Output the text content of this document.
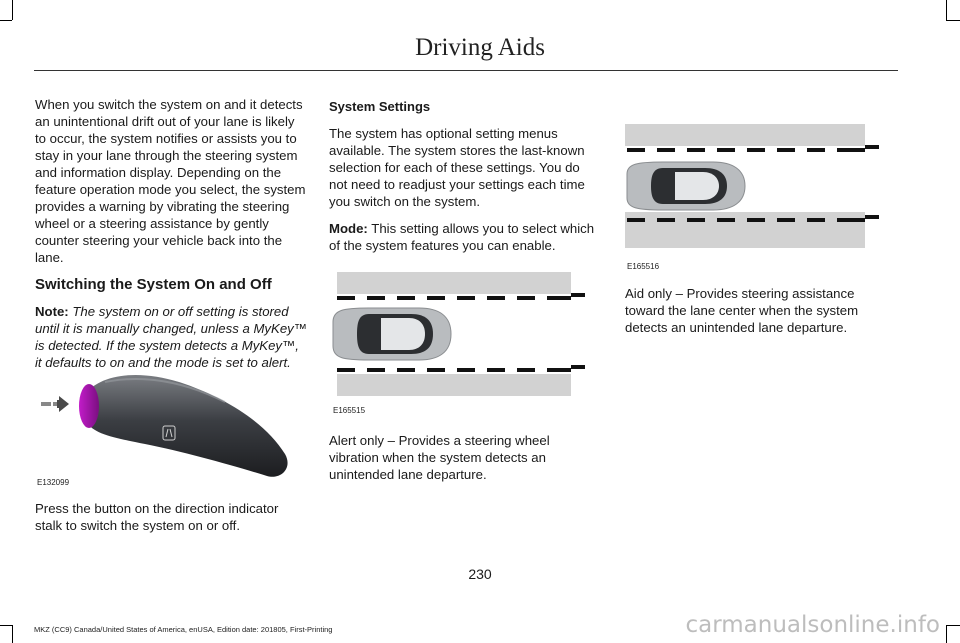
Driving Aids

When you switch the system on and it detects an unintentional drift out of your lane is likely to occur, the system notifies or assists you to stay in your lane through the steering system and information display. Depending on the feature operation mode you select, the system provides a warning by vibrating the steering wheel or a steering assistance by gently counter steering your vehicle back into the lane.

Switching the System On and Off

Note: The system on or off setting is stored until it is manually changed, unless a MyKey™ is detected. If the system detects a MyKey™, it defaults to on and the mode is set to alert.

E132099

Press the button on the direction indicator stalk to switch the system on or off.

System Settings

The system has optional setting menus available. The system stores the last-known selection for each of these settings. You do not need to readjust your settings each time you switch on the system.

Mode: This setting allows you to select which of the system features you can enable.

E165515

Alert only – Provides a steering wheel vibration when the system detects an unintended lane departure.

E165516

Aid only – Provides steering assistance toward the lane center when the system detects an unintended lane departure.

230
MKZ (CC9) Canada/United States of America, enUSA, Edition date: 201805, First-Printing	carmanualsonline.info
